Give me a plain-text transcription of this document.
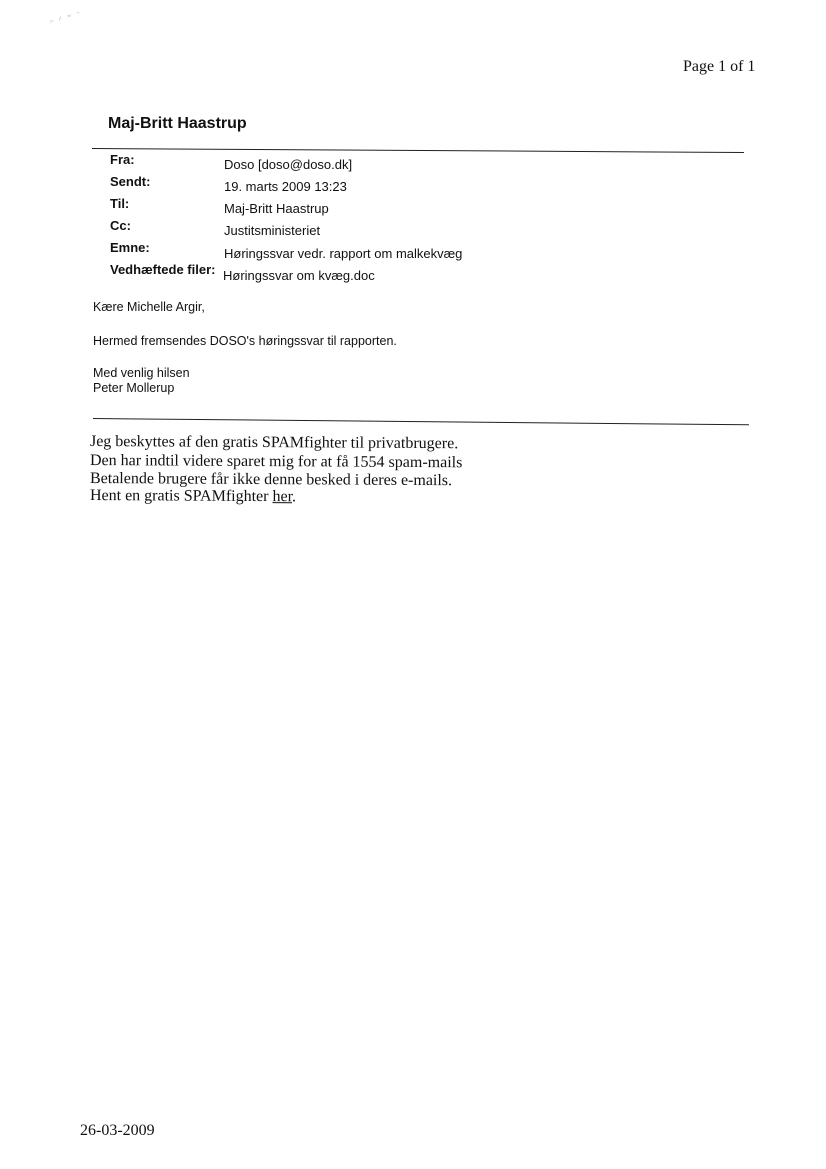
ᵔ ᐟ ⁼ ᐨ
Page 1 of 1
Maj-Britt Haastrup
Fra:	Doso [doso@doso.dk]
Sendt:	19. marts 2009 13:23
Til:	Maj-Britt Haastrup
Cc:	Justitsministeriet
Emne:	Høringssvar vedr. rapport om malkekvæg
Vedhæftede filer: Høringssvar om kvæg.doc
Kære Michelle Argir,
Hermed fremsendes DOSO's høringssvar til rapporten.
Med venlig hilsen
Peter Mollerup
Jeg beskyttes af den gratis SPAMfighter til privatbrugere.
Den har indtil videre sparet mig for at få 1554 spam-mails
Betalende brugere får ikke denne besked i deres e-mails.
Hent en gratis SPAMfighter her.
26-03-2009
